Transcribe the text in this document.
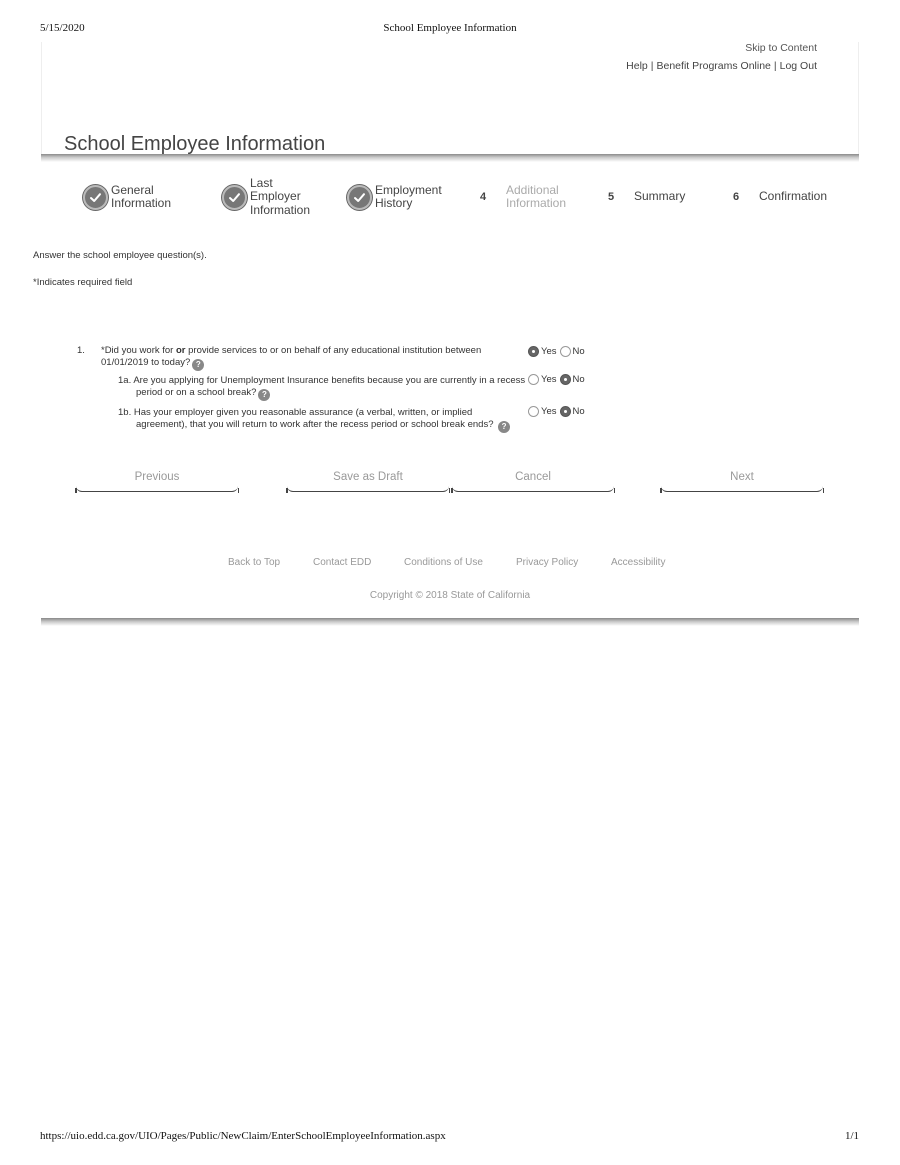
5/15/2020	School Employee Information
Skip to Content
Help | Benefit Programs Online | Log Out
School Employee Information
General Information
Last Employer Information
Employment History	4
Additional Information	5	Summary	6	Confirmation
Answer the school employee question(s).
*Indicates required field
1. *Did you work for or provide services to or on behalf of any educational institution between 01/01/2019 to today? ?
Yes No
1a. Are you applying for Unemployment Insurance benefits because you are currently in a recess period or on a school break? ?
Yes No
1b. Has your employer given you reasonable assurance (a verbal, written, or implied agreement), that you will return to work after the recess period or school break ends? ?
Yes No
Previous	Save as Draft	Cancel	Next
Back to Top	Contact EDD	Conditions of Use	Privacy Policy	Accessibility
Copyright © 2018 State of California
https://uio.edd.ca.gov/UIO/Pages/Public/NewClaim/EnterSchoolEmployeeInformation.aspx	1/1
